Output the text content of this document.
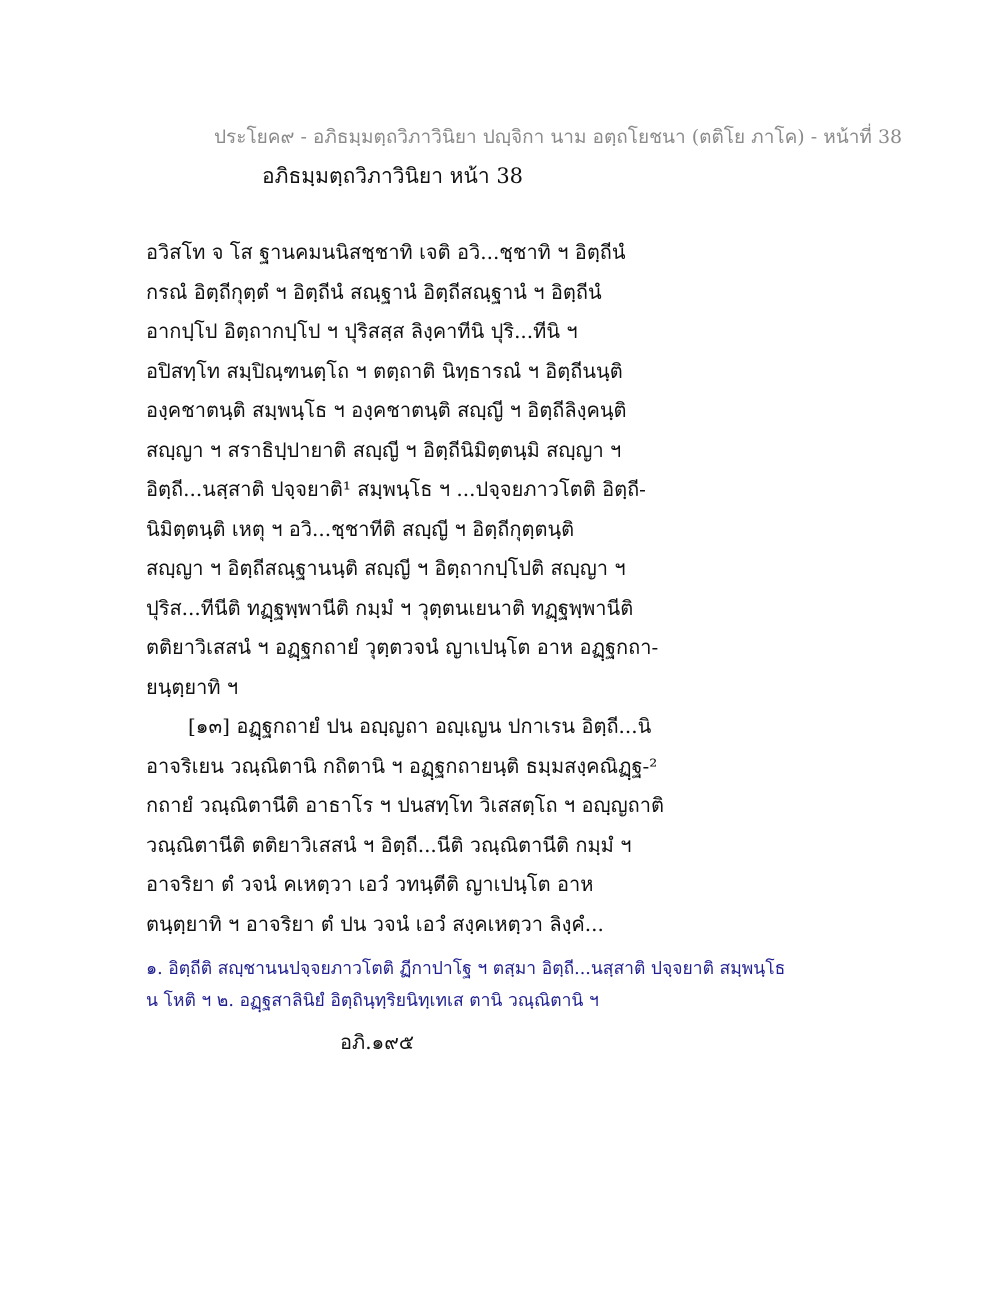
ประโยค๙ - อภิธมฺมตฺถวิภาวินิยา ปญฺจิกา นาม อตฺถโยชนา (ตติโย ภาโค) - หน้าที่ 38
อภิธมฺมตฺถวิภาวินิยา หน้า 38
อวิสโท จ โส ฐานคมนนิสชฺชาทิ เจติ อวิ...ชฺชาทิ ฯ อิตฺถีนํ
กรณํ อิตฺถีกุตฺตํ ฯ อิตฺถีนํ สณฺฐานํ อิตฺถีสณฺฐานํ ฯ อิตฺถีนํ
อากปฺโป อิตฺถากปฺโป ฯ ปุริสสฺส ลิงฺคาทีนิ ปุริ...ทีนิ ฯ
อปิสทฺโท สมฺปิณฺฑนตฺโถ ฯ ตตฺถาติ นิทฺธารณํ ฯ อิตฺถีนนฺติ
องฺคชาตนฺติ สมฺพนฺโธ ฯ องฺคชาตนฺติ สญฺญี ฯ อิตฺถีลิงฺคนฺติ
สญฺญา ฯ สราธิปฺปายาติ สญฺญี ฯ อิตฺถีนิมิตฺตนฺมิ สญฺญา ฯ
อิตฺถี...นสฺสาติ ปจฺจยาติ¹ สมฺพนฺโธ ฯ ...ปจฺจยภาวโตติ อิตฺถี-
นิมิตฺตนฺติ เหตุ ฯ อวิ...ชฺชาทีติ สญฺญี ฯ อิตฺถีกุตฺตนฺติ
สญฺญา ฯ อิตฺถีสณฺฐานนฺติ สญฺญี ฯ อิตฺถากปฺโปติ สญฺญา ฯ
ปุริส...ทีนีติ ทฏฺฐพฺพานีติ กมฺมํ ฯ วุตฺตนเยนาติ ทฏฺฐพฺพานีติ
ตติยาวิเสสนํ ฯ อฏฺฐกถายํ วุตฺตวจนํ ญาเปนฺโต อาห อฏฺฐกถา-
ยนฺตฺยาทิ ฯ
[๑๓] อฏฺฐกถายํ ปน อญฺญถา อญฺเญน ปกาเรน อิตฺถี...นิ
อาจริเยน วณฺณิตานิ กถิตานิ ฯ อฏฺฐกถายนฺติ ธมฺมสงฺคณิฏฺฐ-²
กถายํ วณฺณิตานีติ อาธาโร ฯ ปนสทฺโท วิเสสตฺโถ ฯ อญฺญถาติ
วณฺณิตานีติ ตติยาวิเสสนํ ฯ อิตฺถี...นีติ วณฺณิตานีติ กมฺมํ ฯ
อาจริยา ตํ วจนํ คเหตฺวา เอวํ วทนฺตีติ ญาเปนฺโต อาห
ตนฺตฺยาทิ ฯ อาจริยา ตํ ปน วจนํ เอวํ สงฺคเหตฺวา ลิงฺคํ...
๑. อิตฺถีติ สญฺชานนปจฺจยภาวโตติ ฏีกาปาโฐ ฯ ตสฺมา อิตฺถี...นสฺสาติ ปจฺจยาติ สมฺพนฺโธ
น โหติ ฯ ๒. อฏฺฐสาลินิยํ อิตฺถินฺทฺริยนิทฺเทเส ตานิ วณฺณิตานิ ฯ
อภิ.๑๙๕
